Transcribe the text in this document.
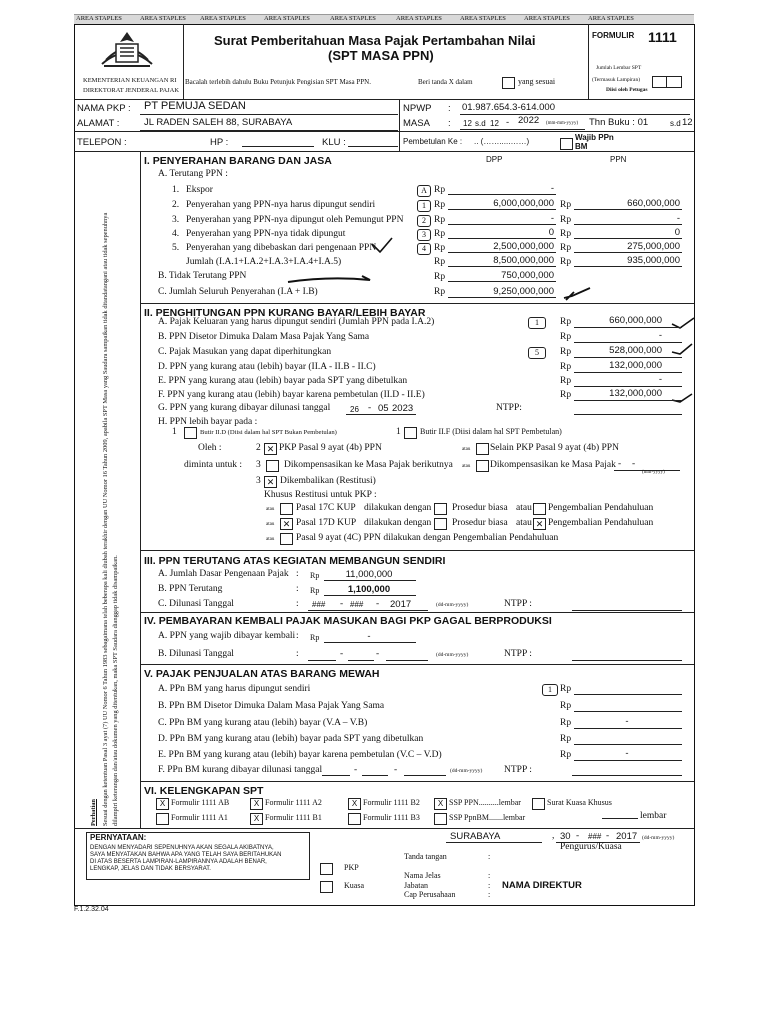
AREA STAPLES	AREA STAPLES AREA STAPLES	AREA STAPLES	AREA STAPLES	AREA STAPLES	AREA STAPLES	AREA STAPLES	AREA STAPLES
KEMENTERIAN KEUANGAN RI
DIREKTORAT JENDERAL PAJAK
Surat Pemberitahuan Masa Pajak Pertambahan Nilai
(SPT MASA PPN)
Bacalah terlebih dahulu Buku Petunjuk Pengisian SPT Masa PPN.	Beri tanda X dalam	yang sesuai
FORMULIR 1111
Jumlah Lembar SPT
(Termasuk Lampiran)
Diisi oleh Petugas
NAMA PKP : PT PEMUJA SEDAN
ALAMAT :	JL RADEN SALEH 88, SURABAYA
TELEPON :	HP :	KLU :
NPWP : 01.987.654.3-614.000
MASA : 12 s.d 12 - 2022 (mm-mm-yyyy) Thn Buku : 01	s.d 12
Pembetulan Ke : .. (…….....……)	Wajib PPn BM
Sesuai dengan ketentuan Pasal 3 ayat (7) UU Nomor 6 Tahun 1983 sebagaimana telah beberapa kali diubah terakhir dengan UU Nomor 16 Tahun 2009, apabila SPT Masa yang Saudara sampaikan tidak ditandatangani atau tidak sepenuhnya dilampiri keterangan dan/atau dokumen yang ditentukan, maka SPT Saudara dianggap tidak disampaikan.
Perhatian
I. PENYERAHAN BARANG DAN JASA	DPP	PPN
A. Terutang PPN :
1. Ekspor	A Rp	-
2. Penyerahan yang PPN-nya harus dipungut sendiri	1 Rp	6,000,000,000 Rp	660,000,000
3. Penyerahan yang PPN-nya dipungut oleh Pemungut PPN	2 Rp	- Rp	-
4. Penyerahan yang PPN-nya tidak dipungut	3 Rp	0 Rp	0
5. Penyerahan yang dibebaskan dari pengenaan PPN	4 Rp	2,500,000,000 Rp	275,000,000
Jumlah (I.A.1+I.A.2+I.A.3+I.A.4+I.A.5)	Rp	8,500,000,000 Rp	935,000,000
B. Tidak Terutang PPN	Rp	750,000,000
C. Jumlah Seluruh Penyerahan (I.A + I.B)	Rp	9,250,000,000
II. PENGHITUNGAN PPN KURANG BAYAR/LEBIH BAYAR
A. Pajak Keluaran yang harus dipungut sendiri (Jumlah PPN pada I.A.2)	1	Rp	660,000,000
B. PPN Disetor Dimuka Dalam Masa Pajak Yang Sama	Rp	-
C. Pajak Masukan yang dapat diperhitungkan	5	Rp	528,000,000
D. PPN yang kurang atau (lebih) bayar (II.A - II.B - II.C)	Rp	132,000,000
E. PPN yang kurang atau (lebih) bayar pada SPT yang dibetulkan	Rp	-
F. PPN yang kurang atau (lebih) bayar karena pembetulan (II.D - II.E)	Rp	132,000,000
G. PPN yang kurang dibayar dilunasi tanggal 26 - 05 2023	NTPP:
H. PPN lebih bayar pada :
1	Butir II.D (Diisi dalam hal SPT Bukan Pembetulan)	1 Butir II.F (Diisi dalam hal SPT Pembetulan)
Oleh :	2 ✕ PKP Pasal 9 ayat (4b) PPN	atau Selain PKP Pasal 9 ayat (4b) PPN
diminta untuk : 3 Dikompensasikan ke Masa Pajak berikutnya atau Dikompensasikan ke Masa Pajak - -
(mm-yyyy)
3 ✕ Dikembalikan (Restitusi)
Khusus Restitusi untuk PKP :
atau Pasal 17C KUP dilakukan dengan Prosedur biasa atau Pengembalian Pendahuluan
atau ✕ Pasal 17D KUP dilakukan dengan Prosedur biasa atau ✕ Pengembalian Pendahuluan
atau Pasal 9 ayat (4C) PPN dilakukan dengan Pengembalian Pendahuluan
III. PPN TERUTANG ATAS KEGIATAN MEMBANGUN SENDIRI
A. Jumlah Dasar Pengenaan Pajak : Rp	11,000,000
B. PPN Terutang	: Rp	1,100,000
C. Dilunasi Tanggal	: ### - ### - 2017	(dd-mm-yyyy)	NTPP :
IV. PEMBAYARAN KEMBALI PAJAK MASUKAN BAGI PKP GAGAL BERPRODUKSI
A. PPN yang wajib dibayar kembali : Rp	-
B. Dilunasi Tanggal	:	-	-	(dd-mm-yyyy)	NTPP :
V. PAJAK PENJUALAN ATAS BARANG MEWAH
A. PPn BM yang harus dipungut sendiri	1 Rp
B. PPn BM Disetor Dimuka Dalam Masa Pajak Yang Sama	Rp
C. PPn BM yang kurang atau (lebih) bayar (V.A – V.B)	Rp	-
D. PPn BM yang kurang atau (lebih) bayar pada SPT yang dibetulkan	Rp
E. PPn BM yang kurang atau (lebih) bayar karena pembetulan (V.C – V.D)	Rp	-
F. PPn BM kurang dibayar dilunasi tanggal	-	-	(dd-mm-yyyy) NTPP :
VI. KELENGKAPAN SPT
X Formulir 1111 AB	X Formulir 1111 A2	X Formulir 1111 B2	X SSP PPN..........lembar	Surat Kuasa Khusus
Formulir 1111 A1	X Formulir 1111 B1	Formulir 1111 B3	SSP PpnBM.......lembar	lembar
PERNYATAAN:
DENGAN MENYADARI SEPENUHNYA AKAN SEGALA AKIBATNYA,
SAYA MENYATAKAN BAHWA APA YANG TELAH SAYA BERITAHUKAN
DI ATAS BESERTA LAMPIRAN-LAMPIRANNYA ADALAH BENAR,
LENGKAP, JELAS DAN TIDAK BERSYARAT.	PKP
Kuasa
SURABAYA	, 30 - ### - 2017 (dd-mm-yyyy)
Pengurus/Kuasa
Tanda tangan	:
Nama Jelas	:
Jabatan	: NAMA DIREKTUR
Cap Perusahaan	:
F.1.2.32.04
